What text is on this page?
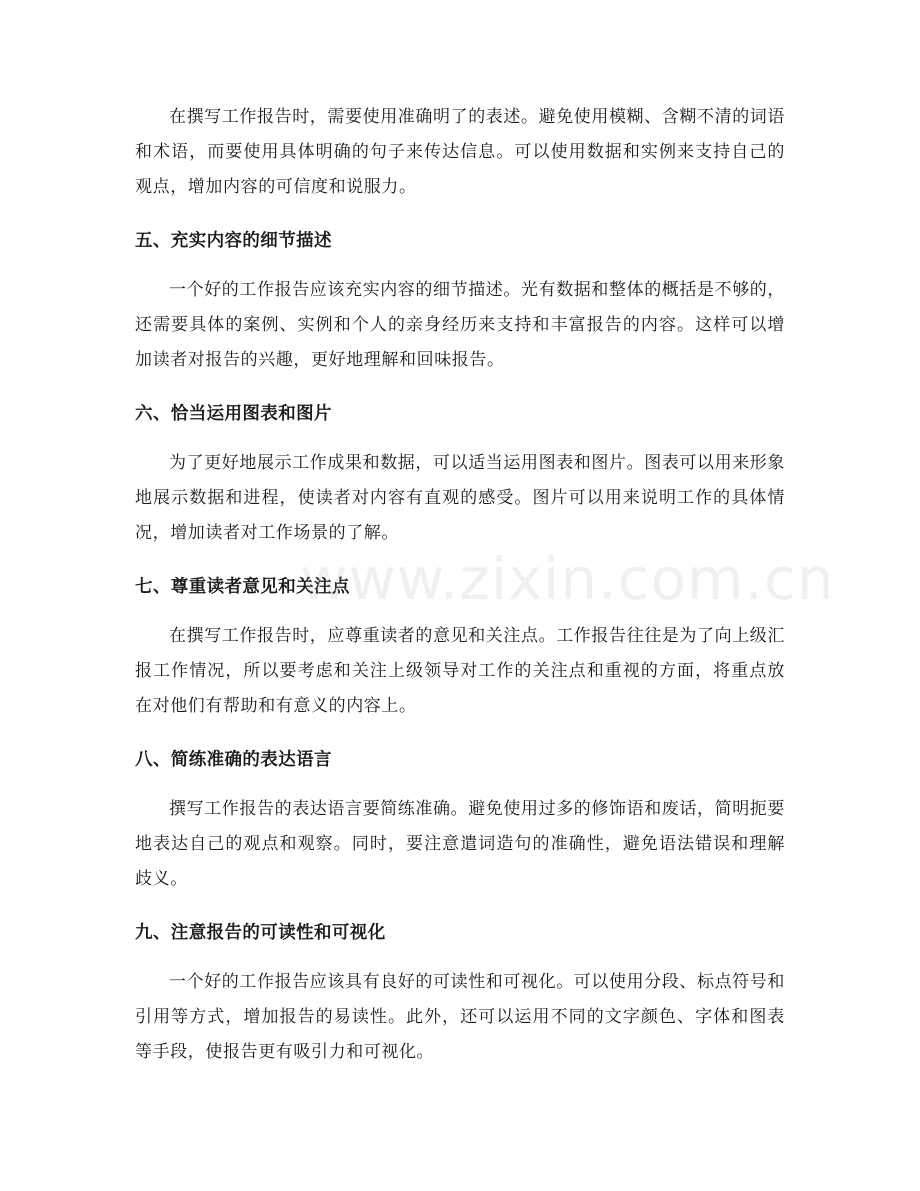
在撰写工作报告时，需要使用准确明了的表述。避免使用模糊、含糊不清的词语和术语，而要使用具体明确的句子来传达信息。可以使用数据和实例来支持自己的观点，增加内容的可信度和说服力。

五、充实内容的细节描述

一个好的工作报告应该充实内容的细节描述。光有数据和整体的概括是不够的，还需要具体的案例、实例和个人的亲身经历来支持和丰富报告的内容。这样可以增加读者对报告的兴趣，更好地理解和回味报告。

六、恰当运用图表和图片

为了更好地展示工作成果和数据，可以适当运用图表和图片。图表可以用来形象地展示数据和进程，使读者对内容有直观的感受。图片可以用来说明工作的具体情况，增加读者对工作场景的了解。

七、尊重读者意见和关注点

在撰写工作报告时，应尊重读者的意见和关注点。工作报告往往是为了向上级汇报工作情况，所以要考虑和关注上级领导对工作的关注点和重视的方面，将重点放在对他们有帮助和有意义的内容上。

八、简练准确的表达语言

撰写工作报告的表达语言要简练准确。避免使用过多的修饰语和废话，简明扼要地表达自己的观点和观察。同时，要注意遣词造句的准确性，避免语法错误和理解歧义。

九、注意报告的可读性和可视化

一个好的工作报告应该具有良好的可读性和可视化。可以使用分段、标点符号和引用等方式，增加报告的易读性。此外，还可以运用不同的文字颜色、字体和图表等手段，使报告更有吸引力和可视化。

www.zixin.com.cn
